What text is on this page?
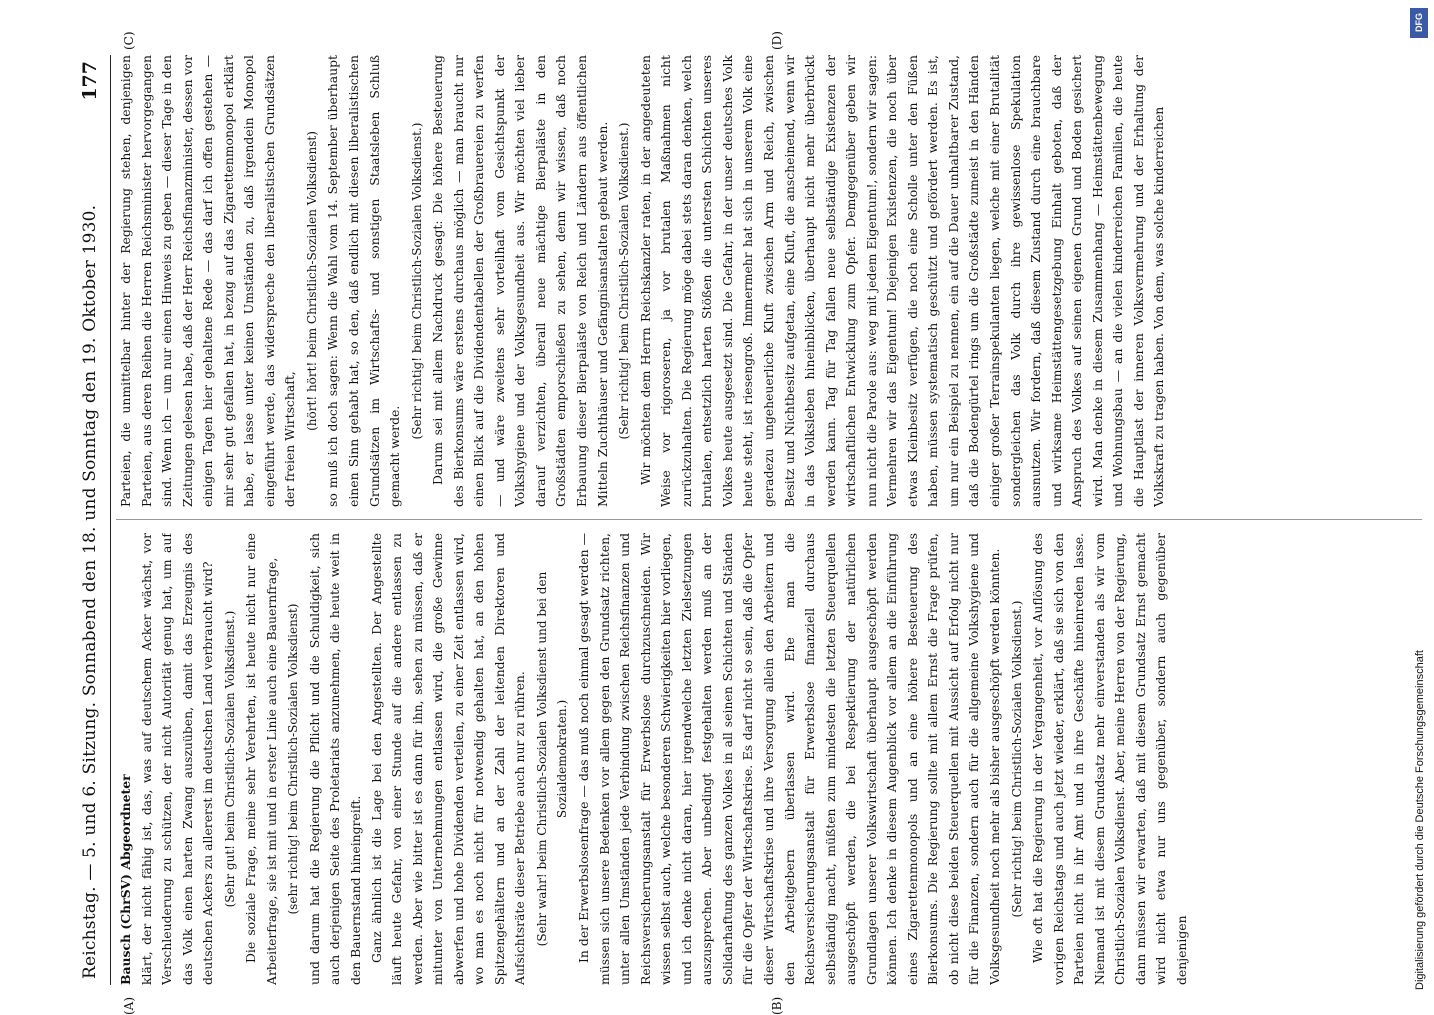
Reichstag. — 5. und 6. Sitzung. Sonnabend den 18. und Sonntag den 19. Oktober 1930.
177

Bausch (ChrSV) Abgeordneter klärt, der nicht fähig ist, das, was auf deutschem Acker wächst, vor Verschleuderung zu schützen, der nicht Autorität genug hat, um auf das Volk einen harten Zwang auszuüben, damit das Erzeugnis des deutschen Ackers zu allererst im deutschen Land verbraucht wird? (Sehr gut! beim Christlich-Sozialen Volksdienst.) Die soziale Frage, meine sehr Verehrten, ist heute nicht nur eine Arbeiterfrage, sie ist mit und in erster Linie auch eine Bauernfrage, (sehr richtig! beim Christlich-Sozialen Volksdienst) und darum hat die Regierung die Pflicht und die Schuldigkeit, sich auch derjenigen Seite des Proletariats anzunehmen, die heute weit in den Bauernstand hineingreift. Ganz ähnlich ist die Lage bei den Angestellten. Der Angestellte läuft heute Gefahr, von einer Stunde auf die andere entlassen zu werden. Aber wie bitter ist es dann für ihn, sehen zu müssen, daß er mitunter von Unternehmungen entlassen wird, die große Gewinne abwerfen und hohe Dividenden verteilen, zu einer Zeit entlassen wird, wo man es noch nicht für notwendig gehalten hat, an den hohen Spitzengehältern und an der Zahl der leitenden Direktoren und Aufsichtsräte dieser Betriebe auch nur zu rühren. (Sehr wahr! beim Christlich-Sozialen Volksdienst und bei den Sozialdemokraten.) In der Erwerbslosenfrage — das muß noch einmal gesagt werden — müssen sich unsere Bedenken vor allem gegen den Grundsatz richten, unter allen Umständen jede Verbindung zwischen Reichsfinanzen und Reichsversicherungsanstalt für Erwerbslose durchzuschneiden. Wir wissen selbst auch, welche besonderen Schwierigkeiten hier vorliegen, und ich denke nicht daran, hier irgendwelche letzten Zielsetzungen auszusprechen. Aber unbedingt festgehalten werden muß an der Solidarhaftung des ganzen Volkes in all seinen Schichten und Ständen für die Opfer der Wirtschaftskrise. Es darf nicht so sein, daß die Opfer dieser Wirtschaftskrise und ihre Versorgung allein den Arbeitern und den Arbeitgebern überlassen wird. Ehe man die Reichsversicherungsanstalt für Erwerbslose finanziell durchaus selbständig macht, müßten zum mindesten die letzten Steuerquellen ausgeschöpft werden, die bei Respektierung der natürlichen Grundlagen unserer Volkswirtschaft überhaupt ausgeschöpft werden können. Ich denke in diesem Augenblick vor allem an die Einführung eines Zigarettenmonopols und an eine höhere Besteuerung des Bierkonsums. Die Regierung sollte mit allem Ernst die Frage prüfen, ob nicht diese beiden Steuerquellen mit Aussicht auf Erfolg nicht nur für die Finanzen, sondern auch für die allgemeine Volkshygiene und Volksgesundheit noch mehr als bisher ausgeschöpft werden könnten. (Sehr richtig! beim Christlich-Sozialen Volksdienst.) Wie oft hat die Regierung in der Vergangenheit, vor Auflösung des vorigen Reichstags und auch jetzt wieder, erklärt, daß sie sich von den Parteien nicht in ihr Amt und in ihre Geschäfte hineinreden lasse. Niemand ist mit diesem Grundsatz mehr einverstanden als wir vom Christlich-Sozialen Volksdienst. Aber, meine Herren von der Regierung, dann müssen wir erwarten, daß mit diesem Grundsatz Ernst gemacht wird nicht etwa nur uns gegenüber, sondern auch gegenüber denjenigen

Parteien, die unmittelbar hinter der Regierung stehen, denjenigen Parteien, aus deren Reihen die Herren Reichsminister hervorgegangen sind. Wenn ich — um nur einen Hinweis zu geben — dieser Tage in den Zeitungen gelesen habe, daß der Herr Reichsfinanzminister, dessen vor einigen Tagen hier gehaltene Rede — das darf ich offen gestehen — mir sehr gut gefallen hat, in bezug auf das Zigarettenmonopol erklärt habe, er lasse unter keinen Umständen zu, daß irgendein Monopol eingeführt werde, das widerspreche den liberalistischen Grundsätzen der freien Wirtschaft,

(hört! hört! beim Christlich-Sozialen Volksdienst) so muß ich doch sagen: Wenn die Wahl vom 14. September überhaupt einen Sinn gehabt hat, so den, daß endlich mit diesen liberalistischen Grundsätzen im Wirtschafts- und sonstigen Staatsleben Schluß gemacht werde.

(Sehr richtig! beim Christlich-Sozialen Volksdienst.) Darum sei mit allem Nachdruck gesagt: Die höhere Besteuerung des Bierkonsums wäre erstens durchaus möglich — man braucht nur einen Blick auf die Dividendentabellen der Großbrauereien zu werfen — und wäre zweitens sehr vorteilhaft vom Gesichtspunkt der Volkshygiene und der Volksgesundheit aus. Wir möchten viel lieber darauf verzichten, überall neue mächtige Bierpaläste in den Großstädten emporschießen zu sehen, denn wir wissen, daß noch Erbauung dieser Bierpaläste von Reich und Ländern aus öffentlichen Mitteln Zuchthäuser und Gefängnisanstalten gebaut werden. (Sehr richtig! beim Christlich-Sozialen Volksdienst.) Wir möchten dem Herrn Reichskanzler raten, in der angedeuteten Weise vor rigoroseren, ja vor brutalen Maßnahmen nicht zurückzuhalten. Die Regierung möge dabei stets daran denken, welch brutalen, entsetzlich harten Stößen die untersten Schichten unseres Volkes heute ausgesetzt sind. Die Gefahr, in der unser deutsches Volk heute steht, ist riesengroß. Immermehr hat sich in unserem Volk eine geradezu ungeheuerliche Kluft zwischen Arm und Reich, zwischen Besitz und Nichtbesitz aufgetan, eine Kluft, die anscheinend, wenn wir in das Volksleben hineinblicken, überhaupt nicht mehr überbrückt werden kann. Tag für Tag fallen neue selbständige Existenzen der wirtschaftlichen Entwicklung zum Opfer. Demgegenüber geben wir nun nicht die Parole aus: weg mit jedem Eigentum!, sondern wir sagen: Vermehren wir das Eigentum! Diejenigen Existenzen, die noch über etwas Kleinbesitz verfügen, die noch eine Scholle unter den Füßen haben, müssen systematisch geschützt und gefördert werden. Es ist, um nur ein Beispiel zu nennen, ein auf die Dauer unhaltbarer Zustand, daß die Bodengürtel rings um die Großstädte zumeist in den Händen einiger großer Terrainspekulanten liegen, welche mit einer Brutalität sondergleichen das Volk durch ihre gewissenlose Spekulation ausnutzen. Wir fordern, daß diesem Zustand durch eine brauchbare und wirksame Heimstättengesetzgebung Einhalt geboten, daß der Anspruch des Volkes auf seinen eigenen Grund und Boden gesichert wird. Man denke in diesem Zusammenhang — Heimstättenbewegung und Wohnungsbau — an die vielen kinderreichen Familien, die heute die Hauptlast der inneren Volksvermehrung und der Erhaltung der Volkskraft zu tragen haben. Von dem, was solche kinderreichen

(A)	(B)
(C)	(D)
Digitalisierung gefördert durch die Deutsche Forschungsgemeinschaft
DFG
